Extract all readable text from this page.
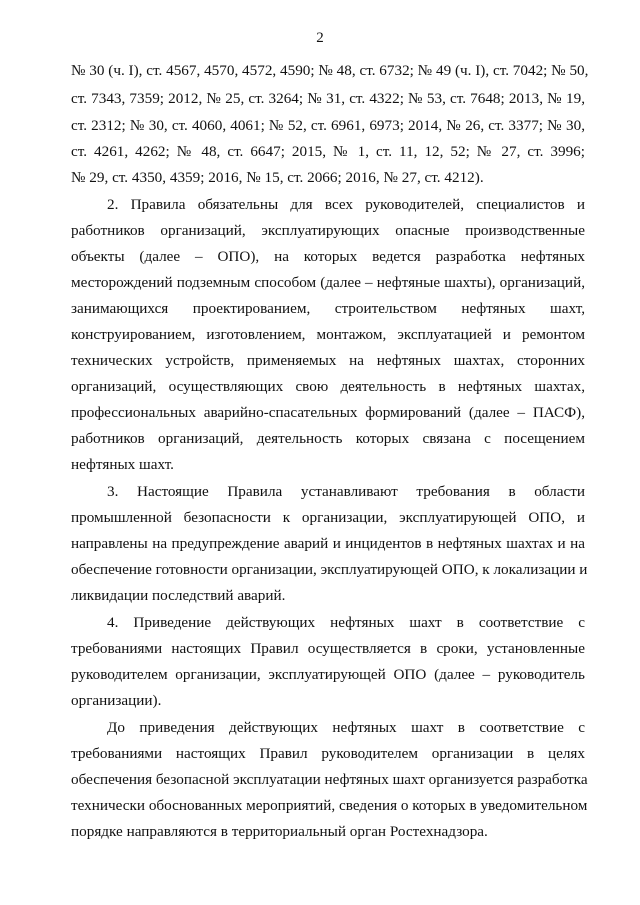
2
№ 30 (ч. I), ст. 4567, 4570, 4572, 4590; № 48, ст. 6732; № 49 (ч. I), ст. 7042; № 50,
ст. 7343, 7359; 2012, № 25, ст. 3264; № 31, ст. 4322; № 53, ст. 7648; 2013, № 19,
ст. 2312; № 30, ст. 4060, 4061; № 52, ст. 6961, 6973; 2014, № 26, ст. 3377; № 30,
ст. 4261, 4262; № 48, ст. 6647; 2015, № 1, ст. 11, 12, 52; № 27, ст. 3996;
№ 29, ст. 4350, 4359; 2016, № 15, ст. 2066; 2016, № 27, ст. 4212).
2. Правила обязательны для всех руководителей, специалистов и
работников организаций, эксплуатирующих опасные производственные
объекты (далее – ОПО), на которых ведется разработка нефтяных
месторождений подземным способом (далее – нефтяные шахты), организаций,
занимающихся проектированием, строительством нефтяных шахт,
конструированием, изготовлением, монтажом, эксплуатацией и ремонтом
технических устройств, применяемых на нефтяных шахтах, сторонних
организаций, осуществляющих свою деятельность в нефтяных шахтах,
профессиональных аварийно-спасательных формирований (далее – ПАСФ),
работников организаций, деятельность которых связана с посещением
нефтяных шахт.
3. Настоящие Правила устанавливают требования в области
промышленной безопасности к организации, эксплуатирующей ОПО, и
направлены на предупреждение аварий и инцидентов в нефтяных шахтах и на
обеспечение готовности организации, эксплуатирующей ОПО, к локализации и
ликвидации последствий аварий.
4. Приведение действующих нефтяных шахт в соответствие с
требованиями настоящих Правил осуществляется в сроки, установленные
руководителем организации, эксплуатирующей ОПО (далее – руководитель
организации).
До приведения действующих нефтяных шахт в соответствие с
требованиями настоящих Правил руководителем организации в целях
обеспечения безопасной эксплуатации нефтяных шахт организуется разработка
технически обоснованных мероприятий, сведения о которых в уведомительном
порядке направляются в территориальный орган Ростехнадзора.
